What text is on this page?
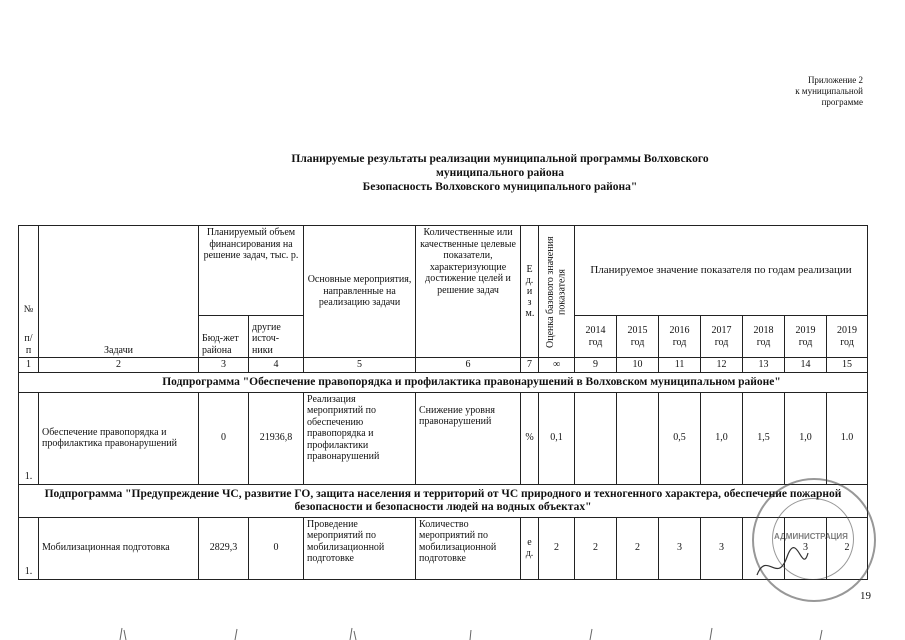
Приложение 2
к муниципальной
программе
Планируемые результаты реализации муниципальной программы Волховского
муниципального района
Безопасность Волховского муниципального района"
№
п/п	Задачи	Планируемый объем финансирования на решение задач, тыс. р.		Основные мероприятия, направленные на реализацию задачи	Количественные или качественные целевые показатели, характеризующие достижение целей и решение задач	Ед. изм.	Оценка базового значения показателя	Планируемое значение показателя по годам реализации						
		Бюд-жет района	другие источ-ники					2014 год	2015 год	2016 год	2017 год	2018 год	2019 год	2019 год
1	2	3	4	5	6	7	∞	9	10	11	12	13	14	15
Подпрограмма "Обеспечение правопорядка и профилактика правонарушений в Волховском муниципальном районе"														
1.	Обеспечение правопорядка и профилактика правонарушений	0	21936,8	Реализация мероприятий по обеспечению правопорядка и профилактики правонарушений	Снижение уровня правонарушений	%	0,1			0,5	1,0	1,5	1,0	1.0
Подпрограмма "Предупреждение ЧС, развитие ГО, защита населения и территорий от ЧС природного и техногенного характера, обеспечение пожарной безопасности и безопасности людей на водных объектах"														
1.	Мобилизационная подготовка	2829,3	0	Проведение мероприятий по мобилизационной подготовке	Количество мероприятий по мобилизационной подготовке	ед.	2	2	2	3	3		3	2
АДМИНИСТРАЦИЯ
19
